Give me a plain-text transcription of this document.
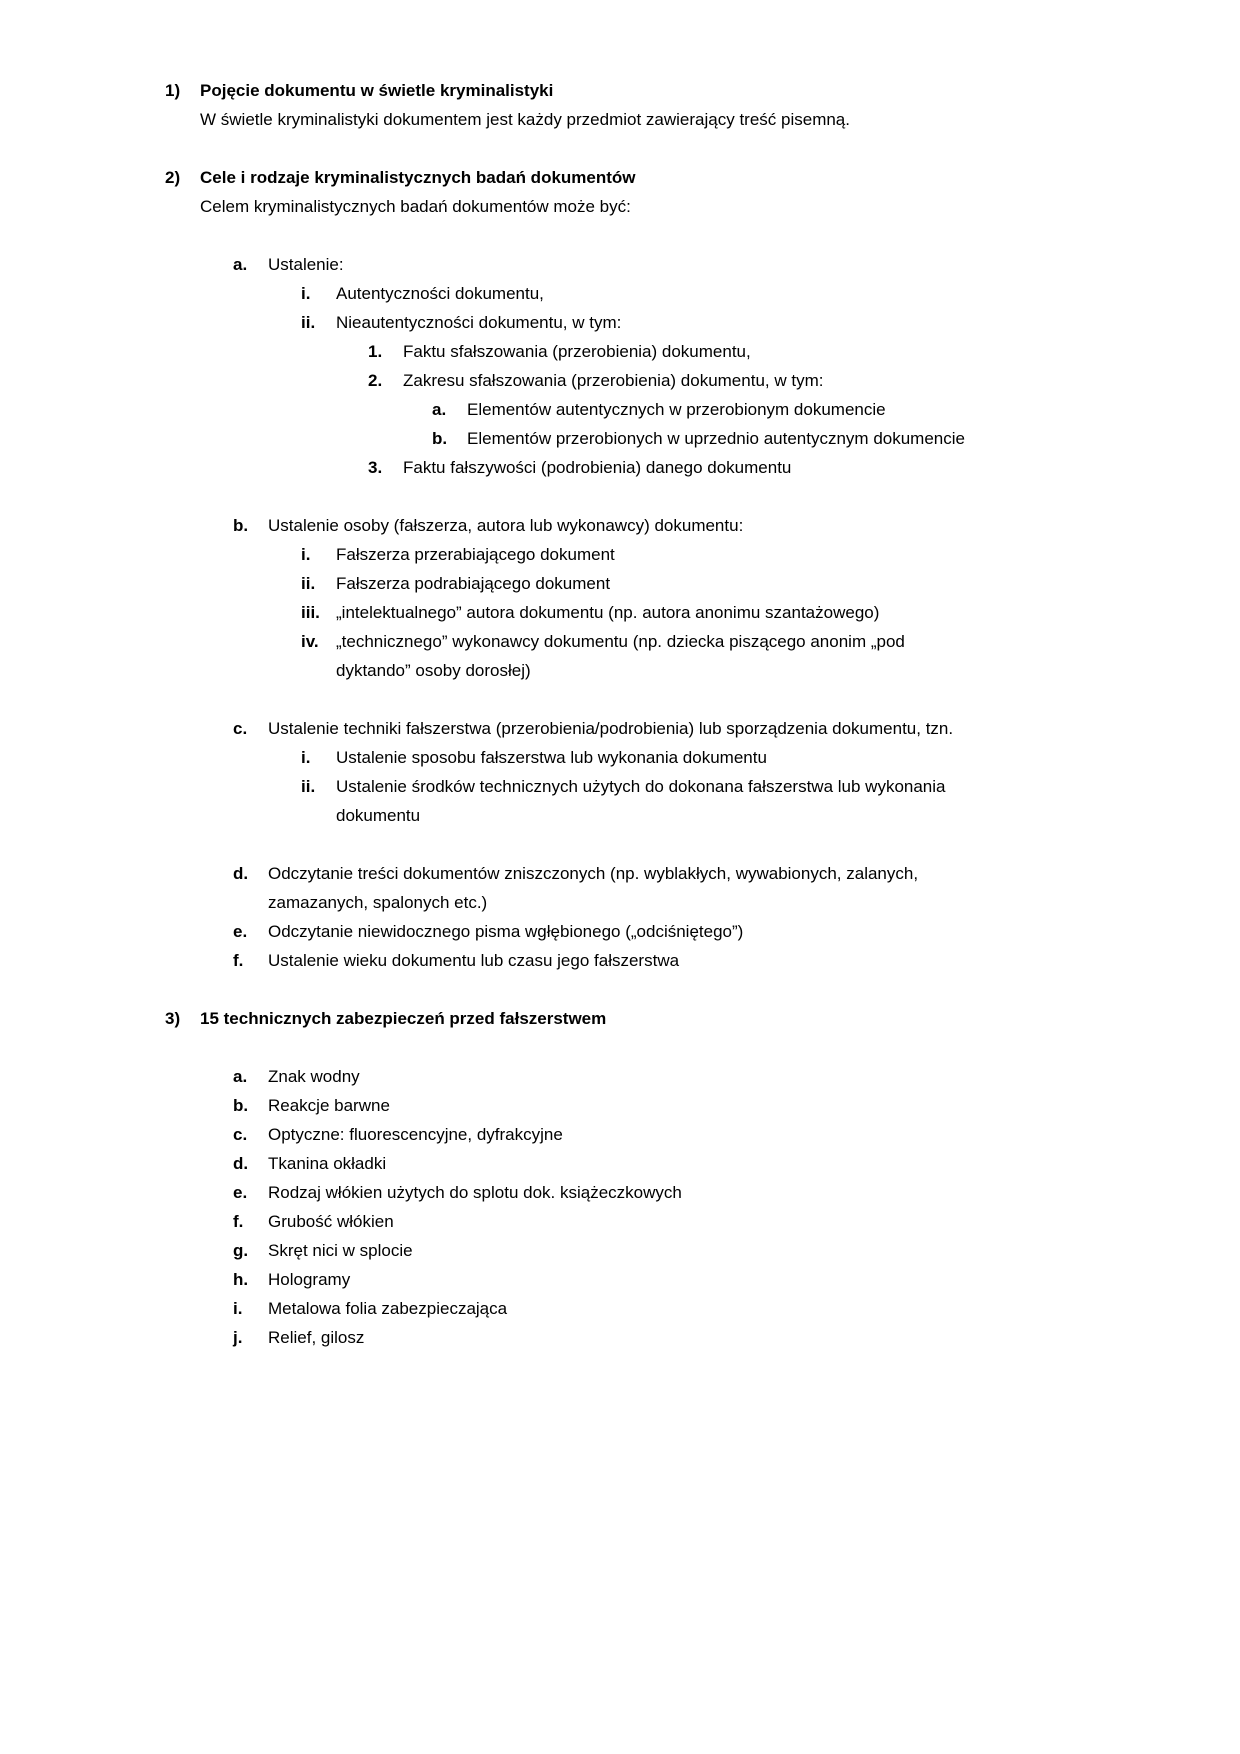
1)	Pojęcie dokumentu w świetle kryminalistyki
W świetle kryminalistyki dokumentem jest każdy przedmiot zawierający treść pisemną.
2)	Cele i rodzaje kryminalistycznych badań dokumentów
Celem kryminalistycznych badań dokumentów może być:
a.	Ustalenie:
i.	Autentyczności dokumentu,
ii.	Nieautentyczności dokumentu, w tym:
1.	Faktu sfałszowania (przerobienia) dokumentu,
2.	Zakresu sfałszowania (przerobienia) dokumentu, w tym:
a.	Elementów autentycznych w przerobionym dokumencie
b.	Elementów przerobionych w uprzednio autentycznym dokumencie
3.	Faktu fałszywości (podrobienia) danego dokumentu
b.	Ustalenie osoby (fałszerza, autora lub wykonawcy) dokumentu:
i.	Fałszerza przerabiającego dokument
ii.	Fałszerza podrabiającego dokument
iii. „intelektualnego” autora dokumentu (np. autora anonimu szantażowego)
iv.	„technicznego” wykonawcy dokumentu (np. dziecka piszącego anonim „pod dyktando” osoby dorosłej)
c.	Ustalenie techniki fałszerstwa (przerobienia/podrobienia) lub sporządzenia dokumentu, tzn.
i.	Ustalenie sposobu fałszerstwa lub wykonania dokumentu
ii.	Ustalenie środków technicznych użytych do dokonana fałszerstwa lub wykonania dokumentu
d.	Odczytanie treści dokumentów zniszczonych (np. wyblakłych, wywabionych, zalanych, zamazanych, spalonych etc.)
e.	Odczytanie niewidocznego pisma wgłębionego („odciśniętego”)
f.	Ustalenie wieku dokumentu lub czasu jego fałszerstwa
3)	15 technicznych zabezpieczeń przed fałszerstwem
a.	Znak wodny
b.	Reakcje barwne
c.	Optyczne: fluorescencyjne, dyfrakcyjne
d.	Tkanina okładki
e.	Rodzaj włókien użytych do splotu dok. książeczkowych
f.	Grubość włókien
g.	Skręt nici w splocie
h.	Hologramy
i.	Metalowa folia zabezpieczająca
j.	Relief, gilosz
